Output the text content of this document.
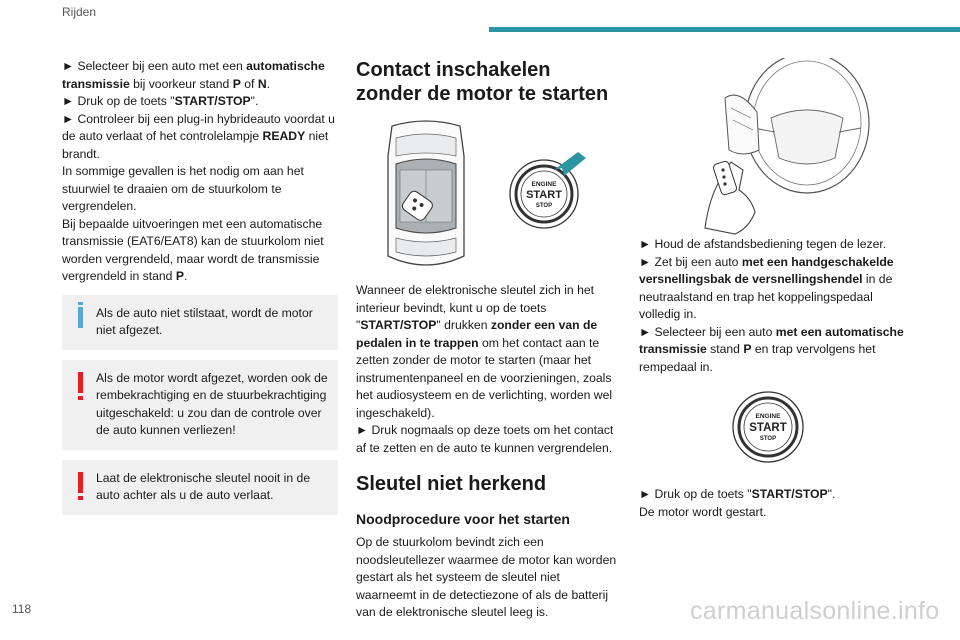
Rijden

► Selecteer bij een auto met een automatische transmissie bij voorkeur stand P of N.

► Druk op de toets "START/STOP".

► Controleer bij een plug-in hybrideauto voordat u de auto verlaat of het controlelampje READY niet brandt.

In sommige gevallen is het nodig om aan het stuurwiel te draaien om de stuurkolom te vergrendelen.

Bij bepaalde uitvoeringen met een automatische transmissie (EAT6/EAT8) kan de stuurkolom niet worden vergrendeld, maar wordt de transmissie vergrendeld in stand P.

Als de auto niet stilstaat, wordt de motor niet afgezet.

Als de motor wordt afgezet, worden ook de rembekrachtiging en de stuurbekrachtiging uitgeschakeld: u zou dan de controle over de auto kunnen verliezen!

Laat de elektronische sleutel nooit in de auto achter als u de auto verlaat.

Contact inschakelen zonder de motor te starten
ENGINE
START
STOP

Wanneer de elektronische sleutel zich in het interieur bevindt, kunt u op de toets "START/STOP" drukken zonder een van de pedalen in te trappen om het contact aan te zetten zonder de motor te starten (maar het instrumentenpaneel en de voorzieningen, zoals het audiosysteem en de verlichting, worden wel ingeschakeld).

► Druk nogmaals op deze toets om het contact af te zetten en de auto te kunnen vergrendelen.

Sleutel niet herkend
Noodprocedure voor het starten

Op de stuurkolom bevindt zich een noodsleutellezer waarmee de motor kan worden gestart als het systeem de sleutel niet waarneemt in de detectiezone of als de batterij van de elektronische sleutel leeg is.

► Houd de afstandsbediening tegen de lezer.

► Zet bij een auto met een handgeschakelde versnellingsbak de versnellingshendel in de neutraalstand en trap het koppelingspedaal volledig in.

► Selecteer bij een auto met een automatische transmissie stand P en trap vervolgens het rempedaal in.

ENGINE
START
STOP

► Druk op de toets "START/STOP".

De motor wordt gestart.

118	carmanualsonline.info
